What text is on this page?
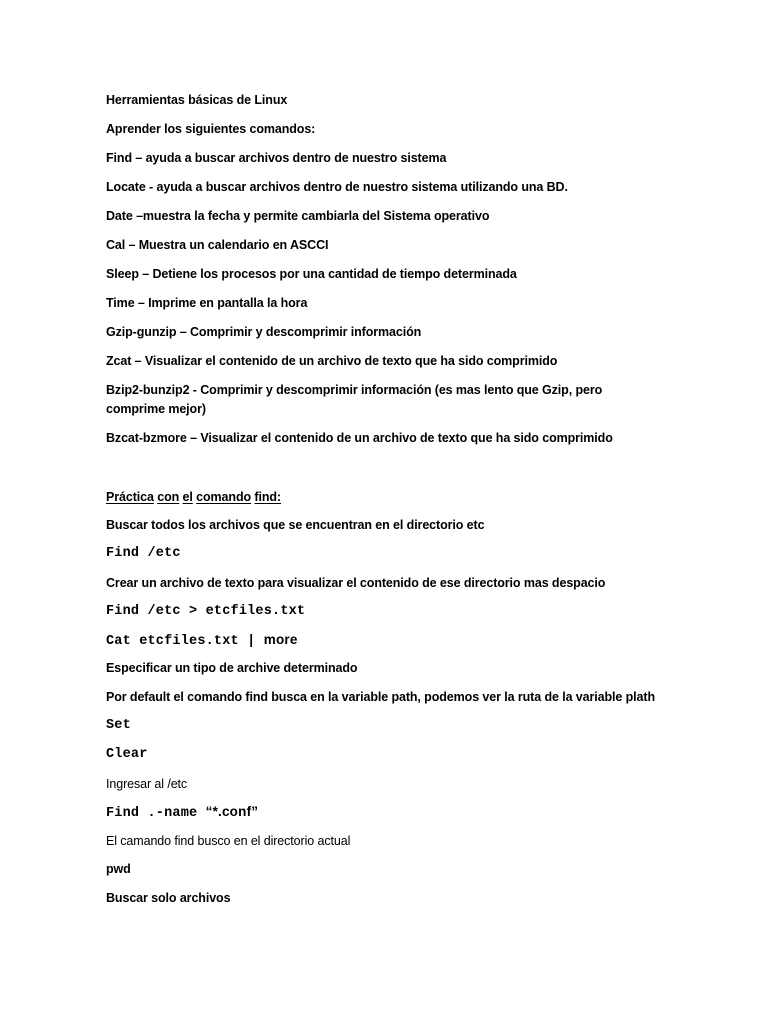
Herramientas básicas de Linux
Aprender los siguientes comandos:
Find – ayuda a buscar archivos dentro de nuestro sistema
Locate - ayuda a buscar archivos dentro de nuestro sistema utilizando una BD.
Date –muestra la fecha y permite cambiarla del Sistema operativo
Cal – Muestra un calendario en ASCCI
Sleep – Detiene los procesos por una cantidad de tiempo determinada
Time – Imprime en pantalla la hora
Gzip-gunzip – Comprimir y descomprimir información
Zcat – Visualizar el contenido de un archivo de texto que ha sido comprimido
Bzip2-bunzip2 - Comprimir y descomprimir información (es mas lento que Gzip, pero comprime mejor)
Bzcat-bzmore – Visualizar el contenido de un archivo de texto que ha sido comprimido
Práctica con el comando find:
Buscar todos los archivos que se encuentran en el directorio etc
Find /etc
Crear un archivo de texto para visualizar el contenido de ese directorio mas despacio
Find /etc > etcfiles.txt
Cat etcfiles.txt | more
Especificar un tipo de archive determinado
Por default el comando find busca en la variable path, podemos ver la ruta de la variable plath
Set
Clear
Ingresar al /etc
Find .-name “*.conf”
El camando find busco en el directorio actual
pwd
Buscar solo archivos
